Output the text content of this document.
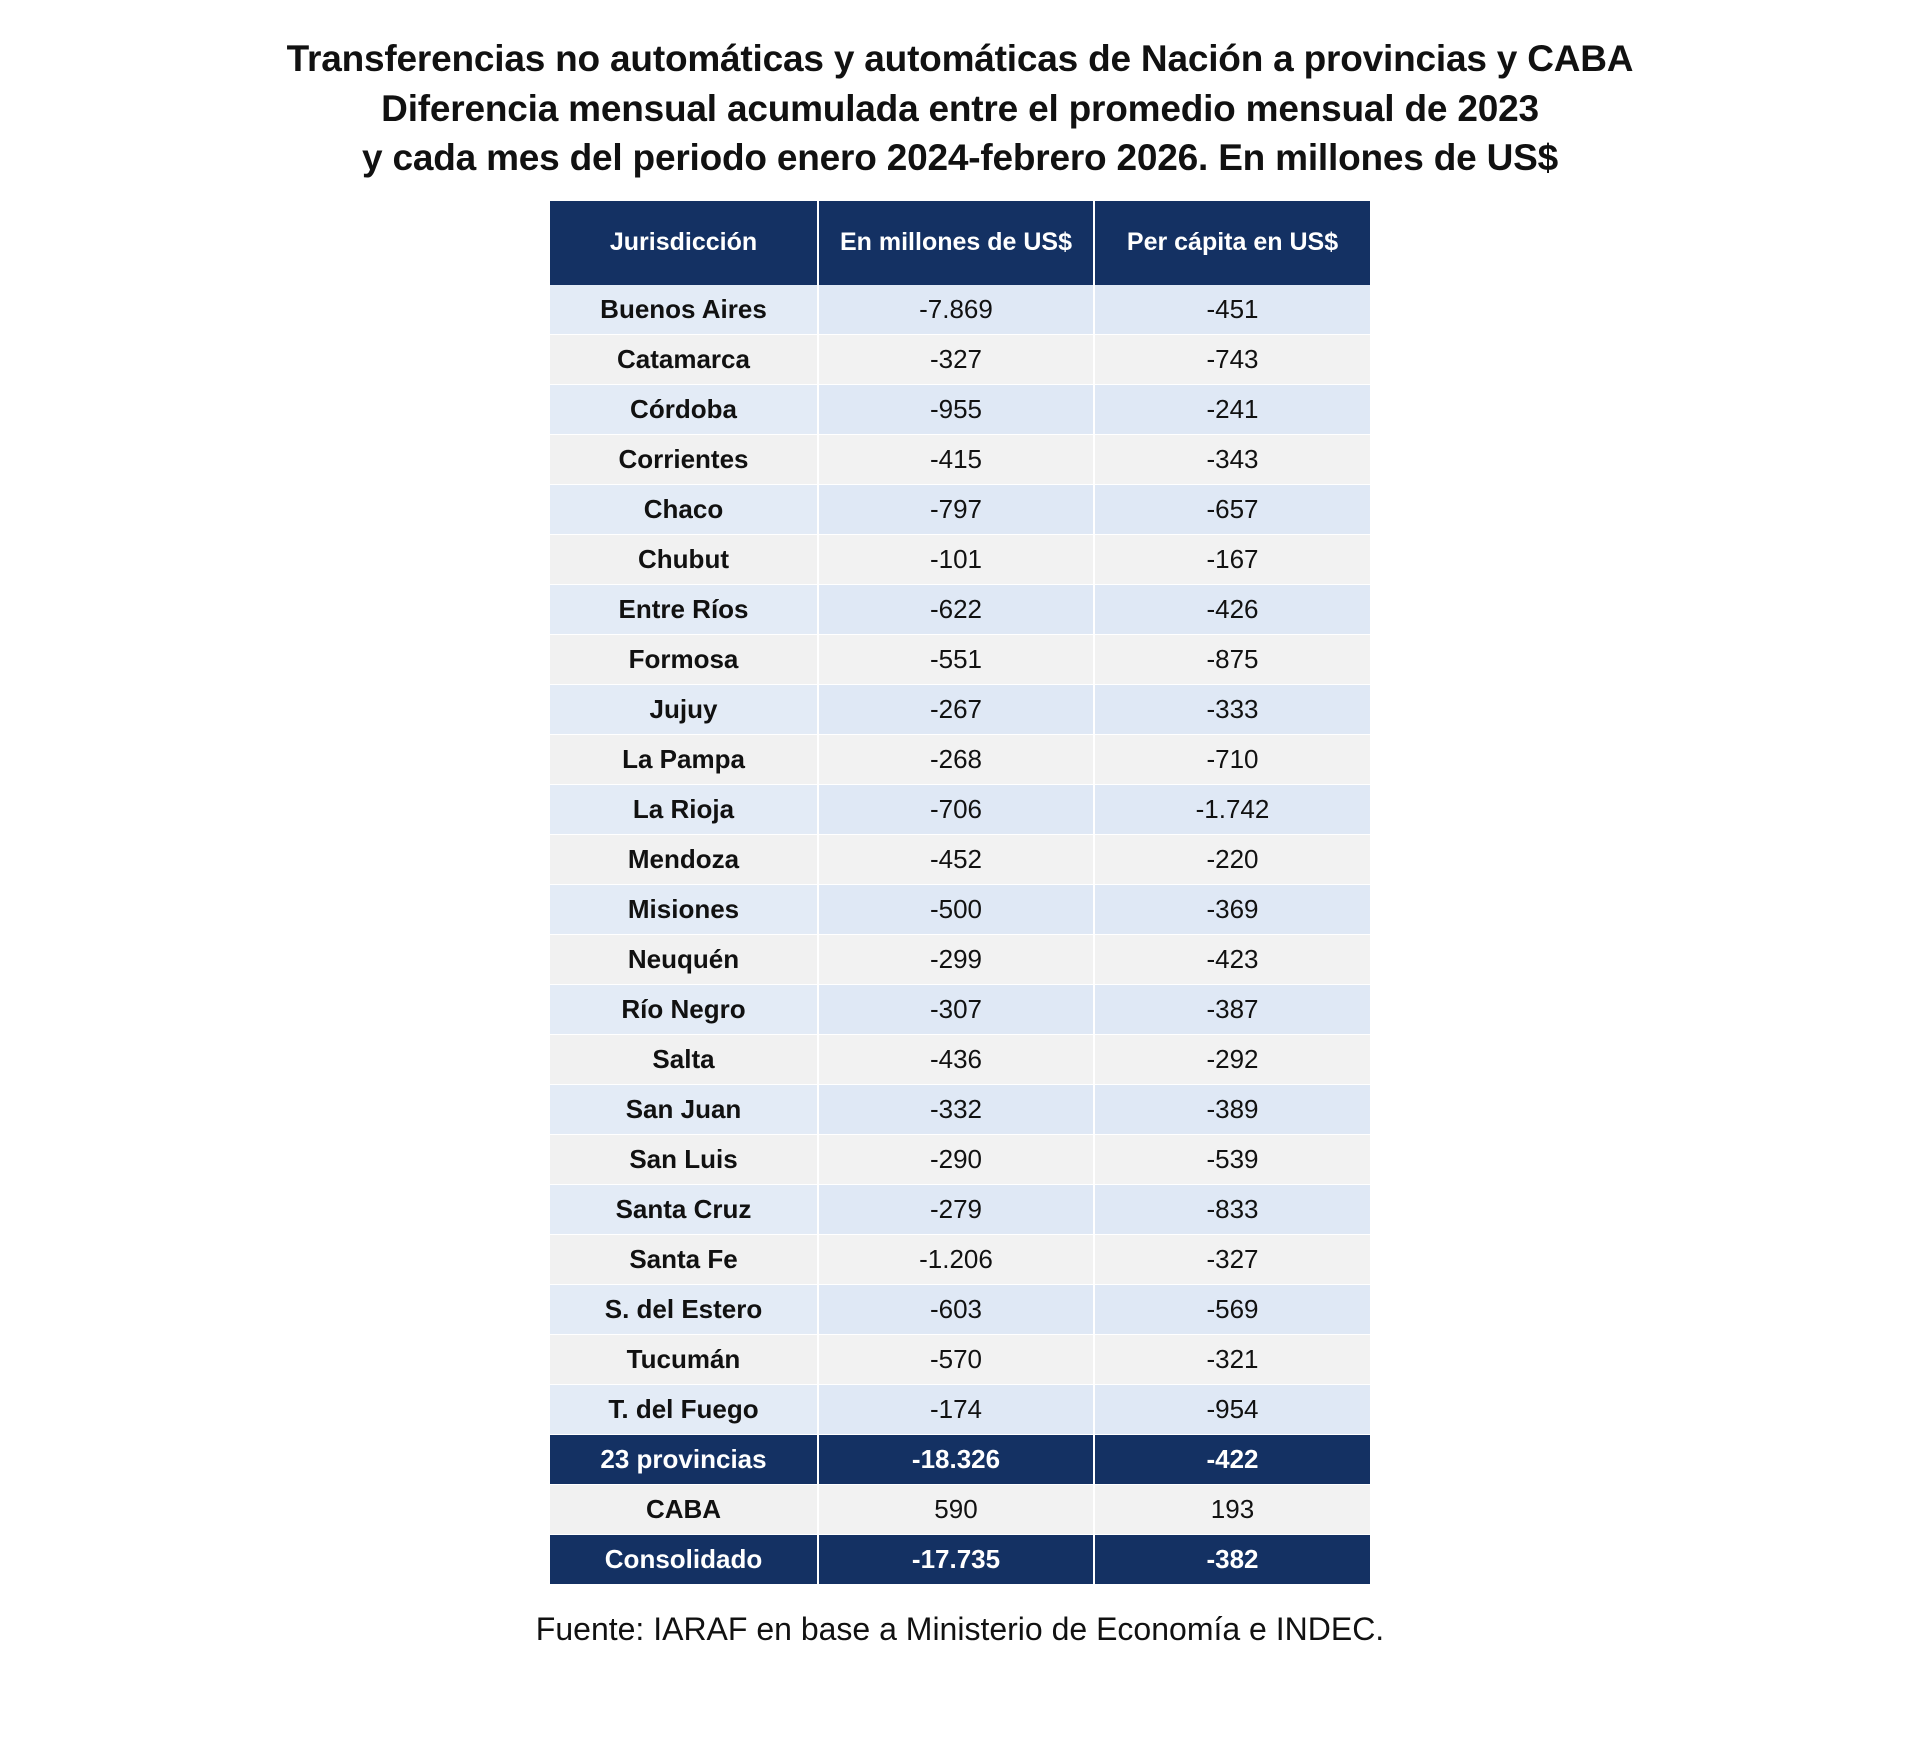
Transferencias no automáticas y automáticas de Nación a provincias y CABA
Diferencia mensual acumulada entre el promedio mensual de 2023
y cada mes del periodo enero 2024-febrero 2026. En millones de US$
Jurisdicción	En millones de US$	Per cápita en US$
Buenos Aires	-7.869	-451
Catamarca	-327	-743
Córdoba	-955	-241
Corrientes	-415	-343
Chaco	-797	-657
Chubut	-101	-167
Entre Ríos	-622	-426
Formosa	-551	-875
Jujuy	-267	-333
La Pampa	-268	-710
La Rioja	-706	-1.742
Mendoza	-452	-220
Misiones	-500	-369
Neuquén	-299	-423
Río Negro	-307	-387
Salta	-436	-292
San Juan	-332	-389
San Luis	-290	-539
Santa Cruz	-279	-833
Santa Fe	-1.206	-327
S. del Estero	-603	-569
Tucumán	-570	-321
T. del Fuego	-174	-954
23 provincias	-18.326	-422
CABA	590	193
Consolidado	-17.735	-382
Fuente: IARAF en base a Ministerio de Economía e INDEC.
